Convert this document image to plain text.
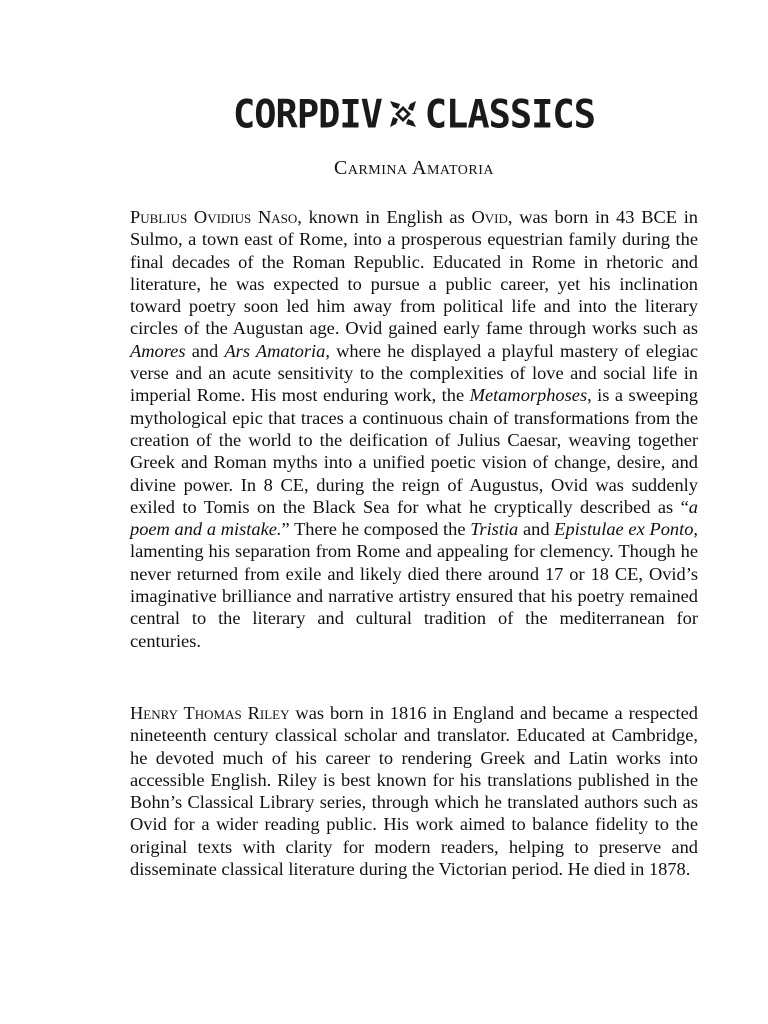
CORPDIV CLASSICS
Carmina Amatoria

Publius Ovidius Naso, known in English as Ovid, was born in 43 BCE in Sulmo, a town east of Rome, into a prosperous equestrian family during the final decades of the Roman Republic. Educated in Rome in rhetoric and literature, he was expected to pursue a public career, yet his inclination toward poetry soon led him away from political life and into the literary circles of the Augustan age. Ovid gained early fame through works such as Amores and Ars Amatoria, where he displayed a playful mastery of elegiac verse and an acute sensitivity to the complexities of love and social life in imperial Rome. His most enduring work, the Metamorphoses, is a sweeping mythological epic that traces a continuous chain of transformations from the creation of the world to the deification of Julius Caesar, weaving together Greek and Roman myths into a unified poetic vision of change, desire, and divine power. In 8 CE, during the reign of Augustus, Ovid was suddenly exiled to Tomis on the Black Sea for what he cryptically described as “a poem and a mistake.” There he composed the Tristia and Epistulae ex Ponto, lamenting his separation from Rome and appealing for clemency. Though he never returned from exile and likely died there around 17 or 18 CE, Ovid’s imaginative brilliance and narrative artistry ensured that his poetry remained central to the literary and cultural tradition of the mediterranean for centuries.

Henry Thomas Riley was born in 1816 in England and became a respected nineteenth century classical scholar and translator. Educated at Cambridge, he devoted much of his career to rendering Greek and Latin works into accessible English. Riley is best known for his translations published in the Bohn’s Classical Library series, through which he translated authors such as Ovid for a wider reading public. His work aimed to balance fidelity to the original texts with clarity for modern readers, helping to preserve and disseminate classical literature during the Victorian period. He died in 1878.
